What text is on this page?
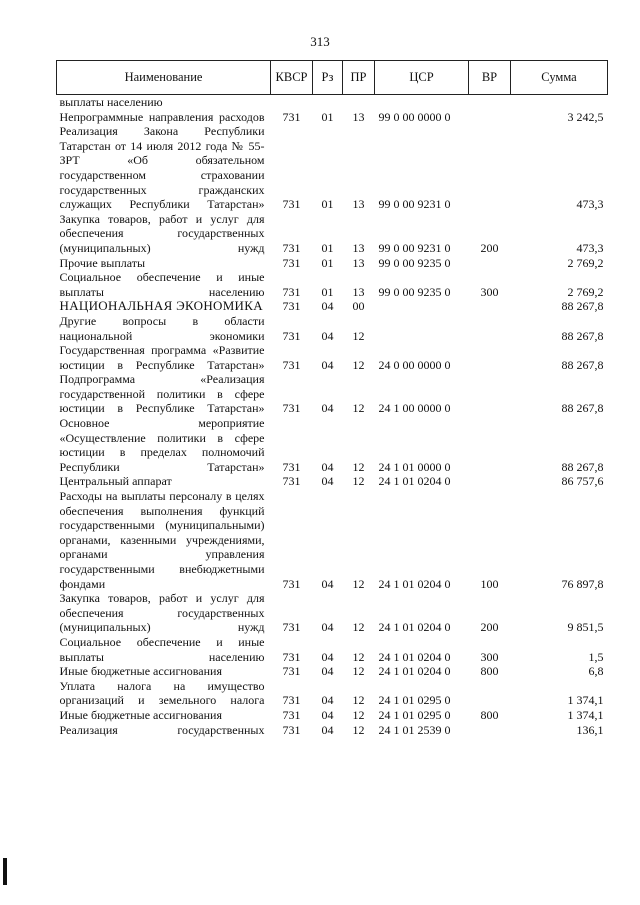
313
Наименование	КВСР	Рз	ПР	ЦСР	ВР	Сумма
выплаты населению						
Непрограммные направления расходов	731	01	13	99 0 00 0000 0		3 242,5
Реализация Закона Республики Татарстан от 14 июля 2012 года № 55-ЗРТ «Об обязательном государственном страховании государственных гражданских служащих Республики Татарстан»	731	01	13	99 0 00 9231 0		473,3
Закупка товаров, работ и услуг для обеспечения государственных (муниципальных) нужд	731	01	13	99 0 00 9231 0	200	473,3
Прочие выплаты	731	01	13	99 0 00 9235 0		2 769,2
Социальное обеспечение и иные выплаты населению	731	01	13	99 0 00 9235 0	300	2 769,2
НАЦИОНАЛЬНАЯ ЭКОНОМИКА	731	04	00			88 267,8
Другие вопросы в области национальной экономики	731	04	12			88 267,8
Государственная программа «Развитие юстиции в Республике Татарстан»	731	04	12	24 0 00 0000 0		88 267,8
Подпрограмма «Реализация государственной политики в сфере юстиции в Республике Татарстан»	731	04	12	24 1 00 0000 0		88 267,8
Основное мероприятие «Осуществление политики в сфере юстиции в пределах полномочий Республики Татарстан»	731	04	12	24 1 01 0000 0		88 267,8
Центральный аппарат	731	04	12	24 1 01 0204 0		86 757,6
Расходы на выплаты персоналу в целях обеспечения выполнения функций государственными (муниципальными) органами, казенными учреждениями, органами управления государственными внебюджетными фондами	731	04	12	24 1 01 0204 0	100	76 897,8
Закупка товаров, работ и услуг для обеспечения государственных (муниципальных) нужд	731	04	12	24 1 01 0204 0	200	9 851,5
Социальное обеспечение и иные выплаты населению	731	04	12	24 1 01 0204 0	300	1,5
Иные бюджетные ассигнования	731	04	12	24 1 01 0204 0	800	6,8
Уплата налога на имущество организаций и земельного налога	731	04	12	24 1 01 0295 0		1 374,1
Иные бюджетные ассигнования	731	04	12	24 1 01 0295 0	800	1 374,1
Реализация государственных	731	04	12	24 1 01 2539 0		136,1
